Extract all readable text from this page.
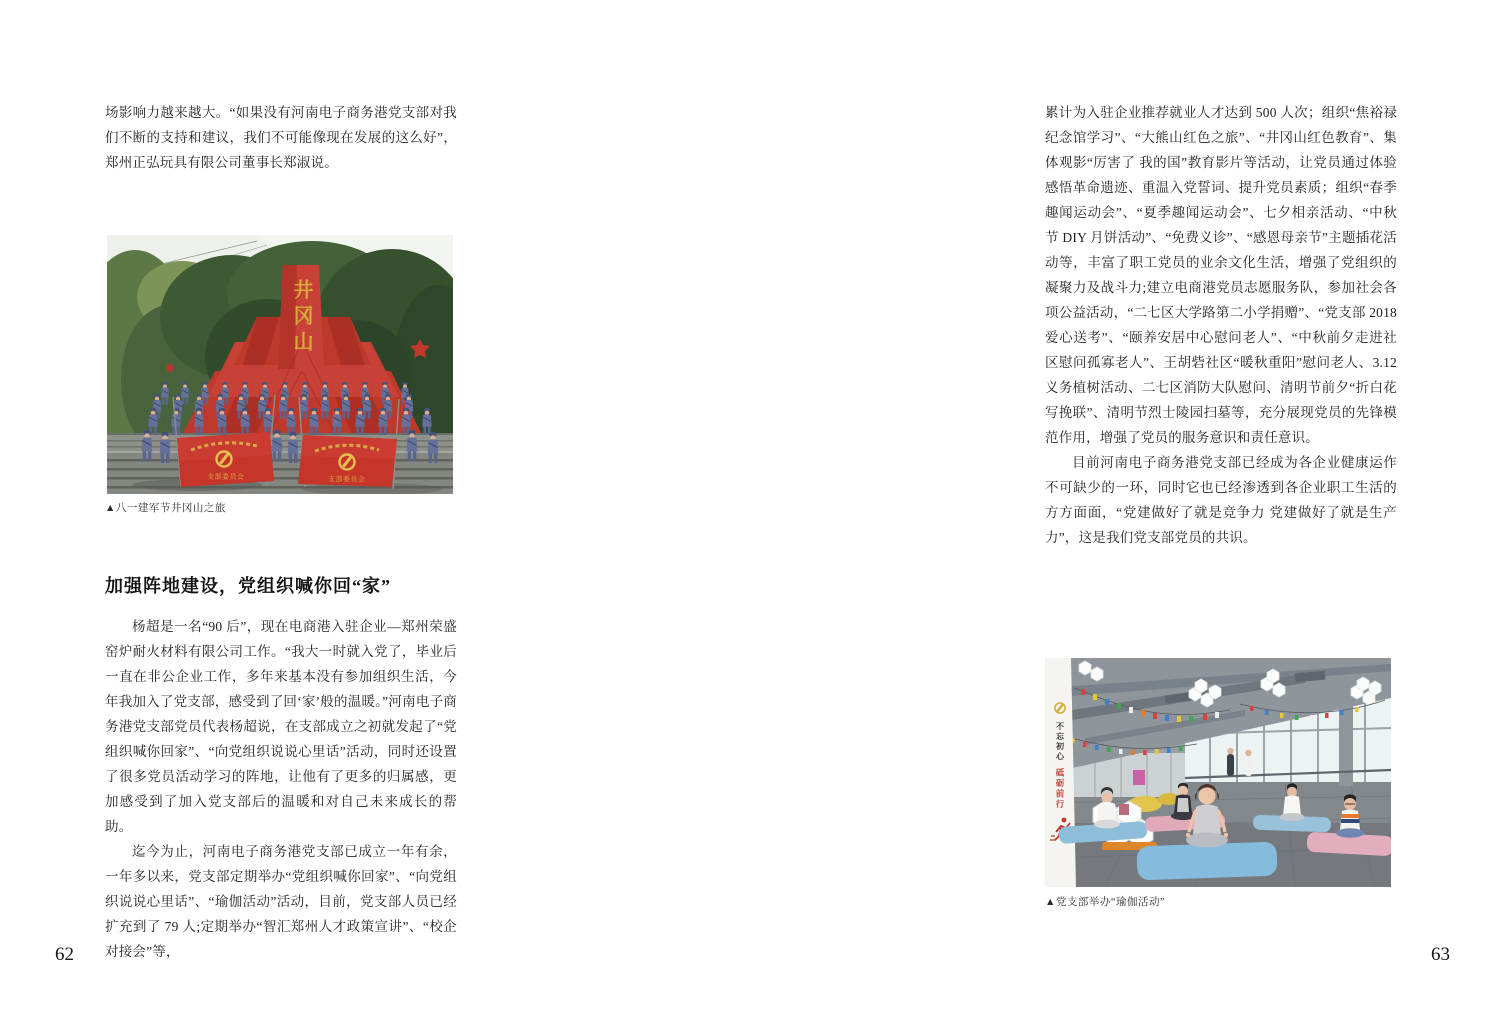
场影响力越来越大。“如果没有河南电子商务港党支部对我们不断的支持和建议，我们不可能像现在发展的这么好”，郑州正弘玩具有限公司董事长郑淑说。

井冈山
支部委员会	支部委员会
▲八一建军节井冈山之旅
加强阵地建设，党组织喊你回“家”

杨超是一名“90 后”，现在电商港入驻企业—郑州荣盛窑炉耐火材料有限公司工作。“我大一时就入党了，毕业后一直在非公企业工作，多年来基本没有参加组织生活，今年我加入了党支部，感受到了回‘家’般的温暖。”河南电子商务港党支部党员代表杨超说，在支部成立之初就发起了“党组织喊你回家”、“向党组织说说心里话”活动，同时还设置了很多党员活动学习的阵地，让他有了更多的归属感，更加感受到了加入党支部后的温暖和对自己未来成长的帮助。

迄今为止，河南电子商务港党支部已成立一年有余，一年多以来，党支部定期举办“党组织喊你回家”、“向党组织说说心里话”、“瑜伽活动”活动，目前，党支部人员已经扩充到了 79 人;定期举办“智汇郑州人才政策宣讲”、“校企对接会”等，

62

累计为入驻企业推荐就业人才达到 500 人次；组织“焦裕禄纪念馆学习”、“大熊山红色之旅”、“井冈山红色教育”、集体观影“厉害了 我的国”教育影片等活动，让党员通过体验感悟革命遗迹、重温入党誓词、提升党员素质；组织“春季趣闻运动会”、“夏季趣闻运动会”、七夕相亲活动、“中秋节 DIY 月饼活动”、“免费义诊”、“感恩母亲节”主题插花活动等，丰富了职工党员的业余文化生活，增强了党组织的凝聚力及战斗力;建立电商港党员志愿服务队，参加社会各项公益活动，“二七区大学路第二小学捐赠”、“党支部 2018 爱心送考”、“颐养安居中心慰问老人”、“中秋前夕走进社区慰问孤寡老人”、王胡砦社区“暖秋重阳”慰问老人、3.12 义务植树活动、二七区消防大队慰问、清明节前夕“折白花 写挽联”、清明节烈士陵园扫墓等，充分展现党员的先锋模范作用，增强了党员的服务意识和责任意识。

目前河南电子商务港党支部已经成为各企业健康运作不可缺少的一环，同时它也已经渗透到各企业职工生活的方方面面，“党建做好了就是竞争力 党建做好了就是生产力”，这是我们党支部党员的共识。

不忘初心
砥砺前行
▲党支部举办“瑜伽活动”
63
